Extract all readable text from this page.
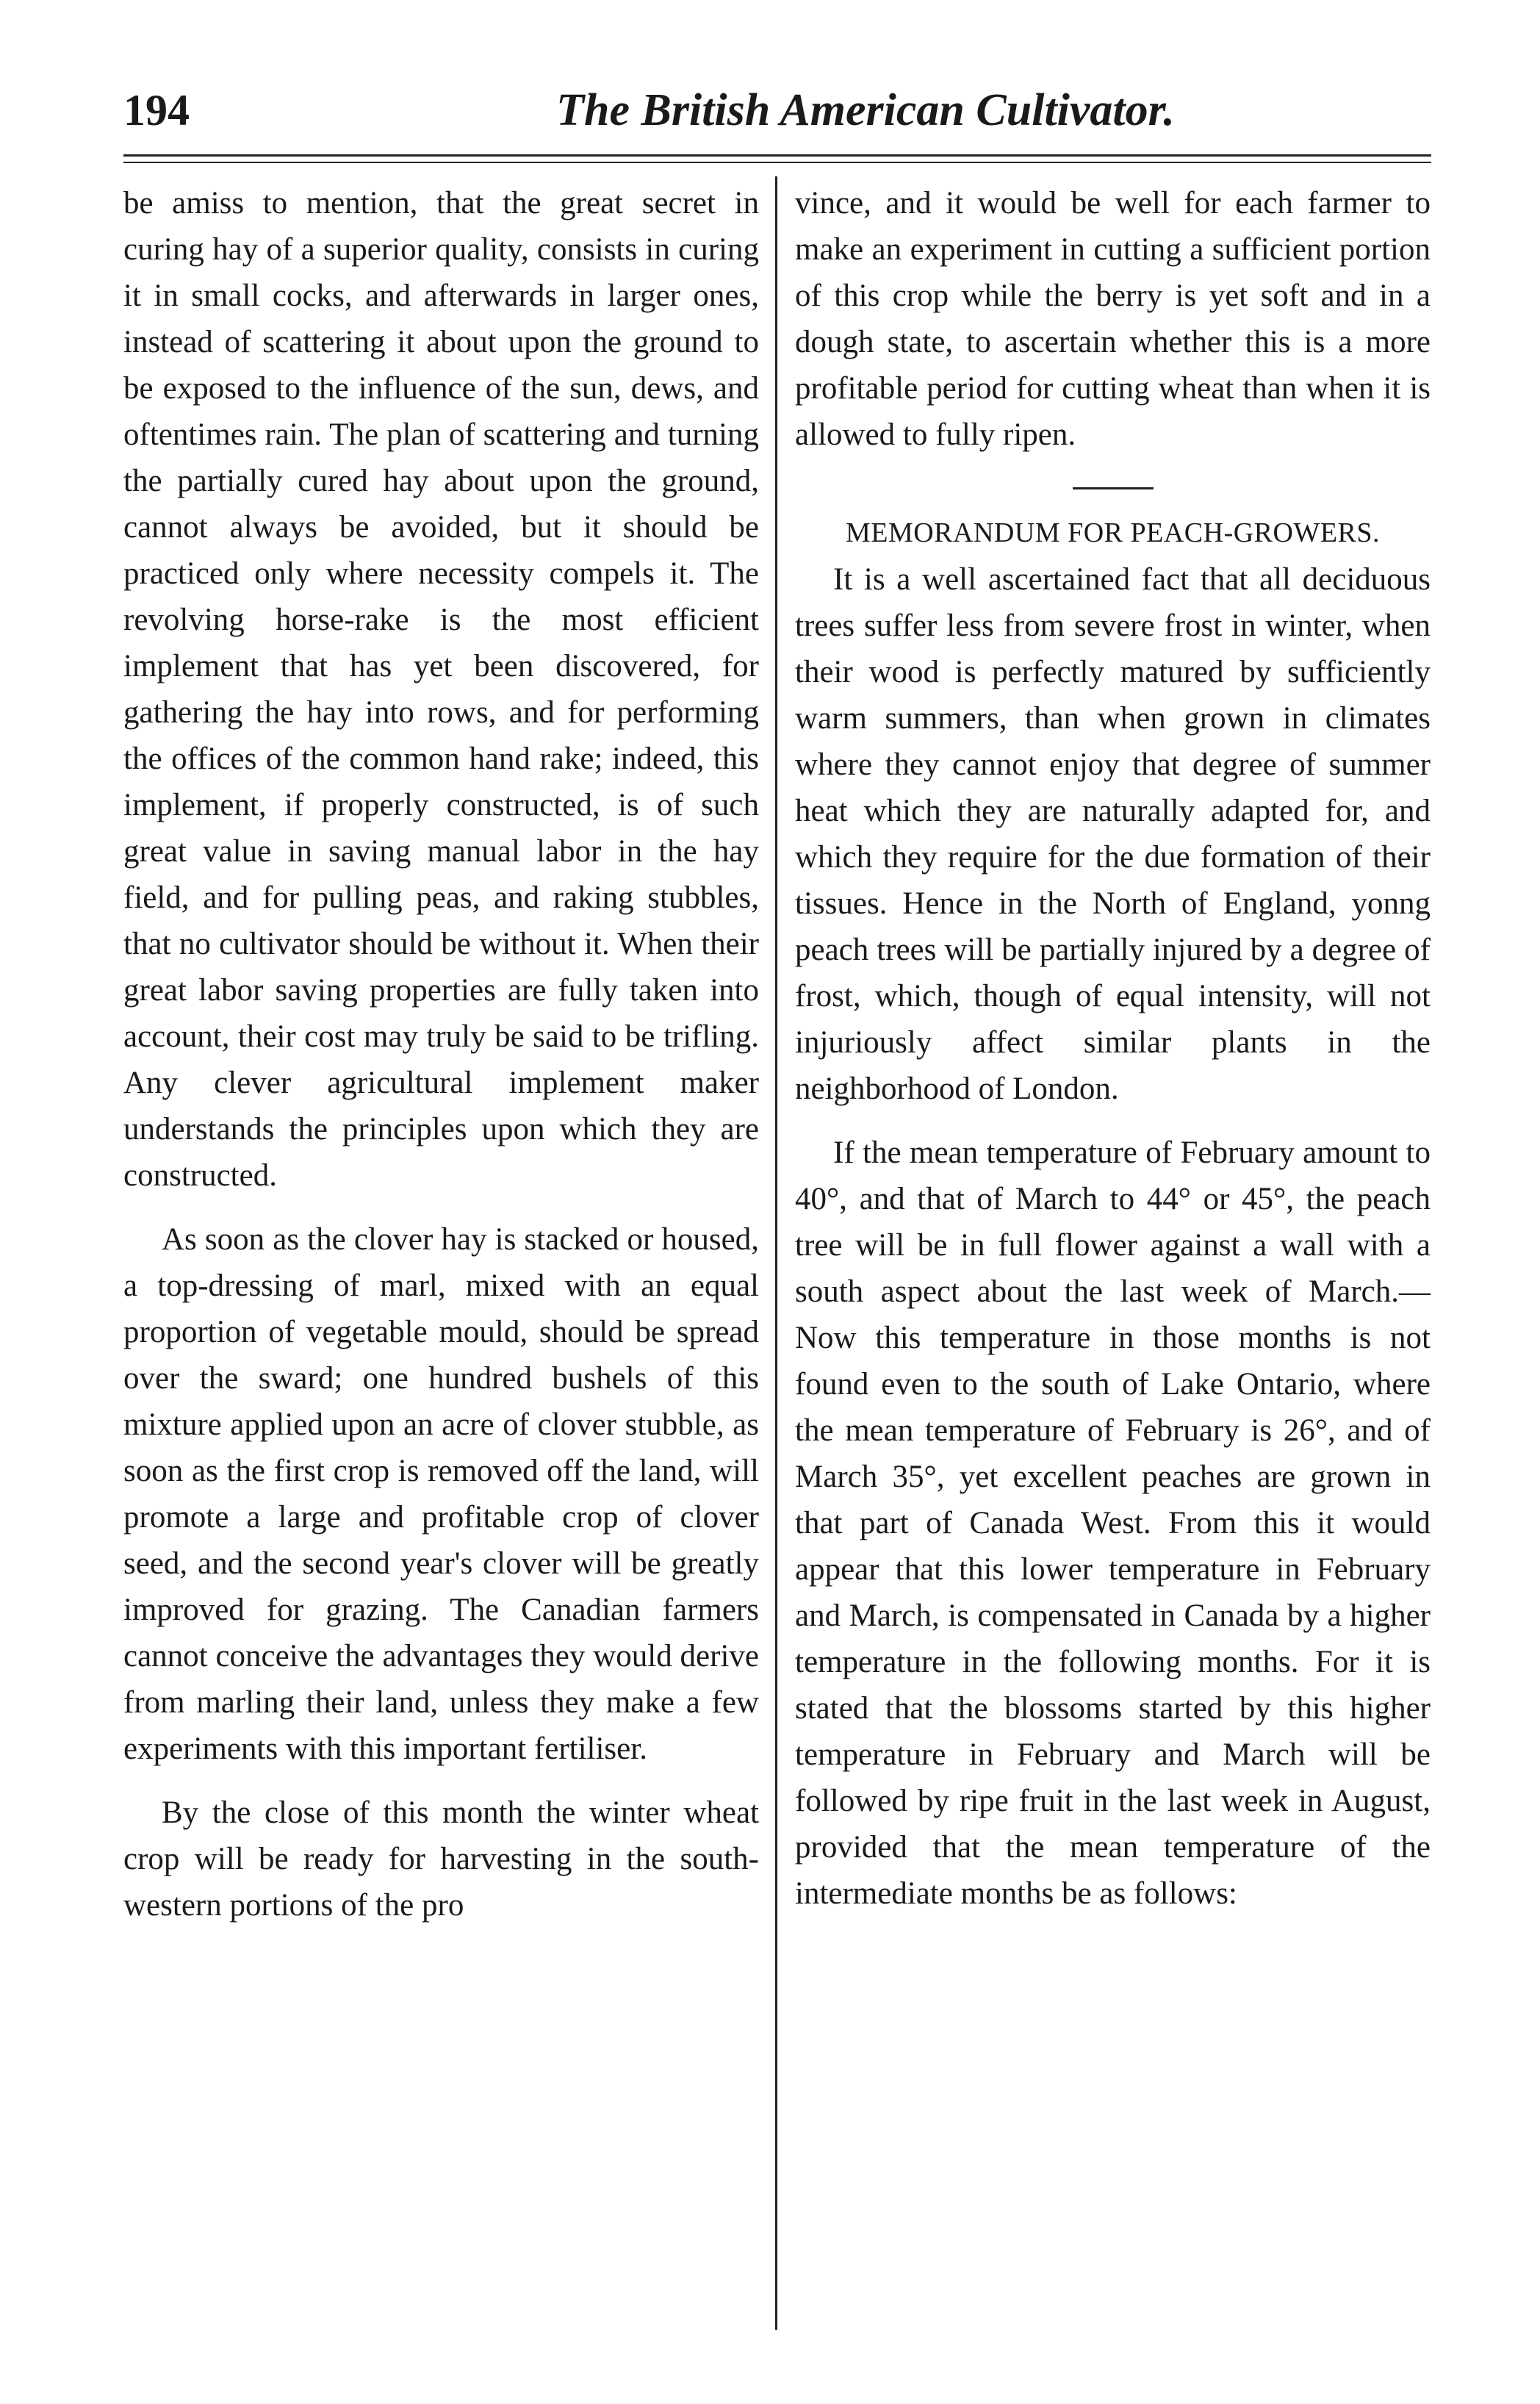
194	The British American Cultivator.

be amiss to mention, that the great secret in curing hay of a superior quality, consists in curing it in small cocks, and afterwards in larger ones, instead of scattering it about upon the ground to be exposed to the influence of the sun, dews, and oftentimes rain. The plan of scattering and turning the partially cured hay about upon the ground, cannot always be avoided, but it should be practiced only where necessity compels it. The revolving horse-rake is the most efficient implement that has yet been discovered, for gathering the hay into rows, and for performing the offices of the common hand rake; indeed, this implement, if properly constructed, is of such great value in saving manual labor in the hay field, and for pulling peas, and raking stubbles, that no cultivator should be without it. When their great labor saving properties are fully taken into account, their cost may truly be said to be trifling. Any clever agricultural implement maker understands the principles upon which they are constructed.

As soon as the clover hay is stacked or housed, a top-dressing of marl, mixed with an equal proportion of vegetable mould, should be spread over the sward; one hundred bushels of this mixture applied upon an acre of clover stubble, as soon as the first crop is removed off the land, will promote a large and profitable crop of clover seed, and the second year's clover will be greatly improved for grazing. The Canadian farmers cannot conceive the advantages they would derive from marling their land, unless they make a few experiments with this important fertiliser.

By the close of this month the winter wheat crop will be ready for harvesting in the south-western portions of the pro

vince, and it would be well for each farmer to make an experiment in cutting a sufficient portion of this crop while the berry is yet soft and in a dough state, to ascertain whether this is a more profitable period for cutting wheat than when it is allowed to fully ripen.

MEMORANDUM FOR PEACH-GROWERS.

It is a well ascertained fact that all deciduous trees suffer less from severe frost in winter, when their wood is perfectly matured by sufficiently warm summers, than when grown in climates where they cannot enjoy that degree of summer heat which they are naturally adapted for, and which they require for the due formation of their tissues. Hence in the North of England, yonng peach trees will be partially injured by a degree of frost, which, though of equal intensity, will not injuriously affect similar plants in the neighborhood of London.

If the mean temperature of February amount to 40°, and that of March to 44° or 45°, the peach tree will be in full flower against a wall with a south aspect about the last week of March.— Now this temperature in those months is not found even to the south of Lake Ontario, where the mean temperature of February is 26°, and of March 35°, yet excellent peaches are grown in that part of Canada West. From this it would appear that this lower temperature in February and March, is compensated in Canada by a higher temperature in the following months. For it is stated that the blossoms started by this higher temperature in February and March will be followed by ripe fruit in the last week in August, provided that the mean temperature of the intermediate months be as follows:
